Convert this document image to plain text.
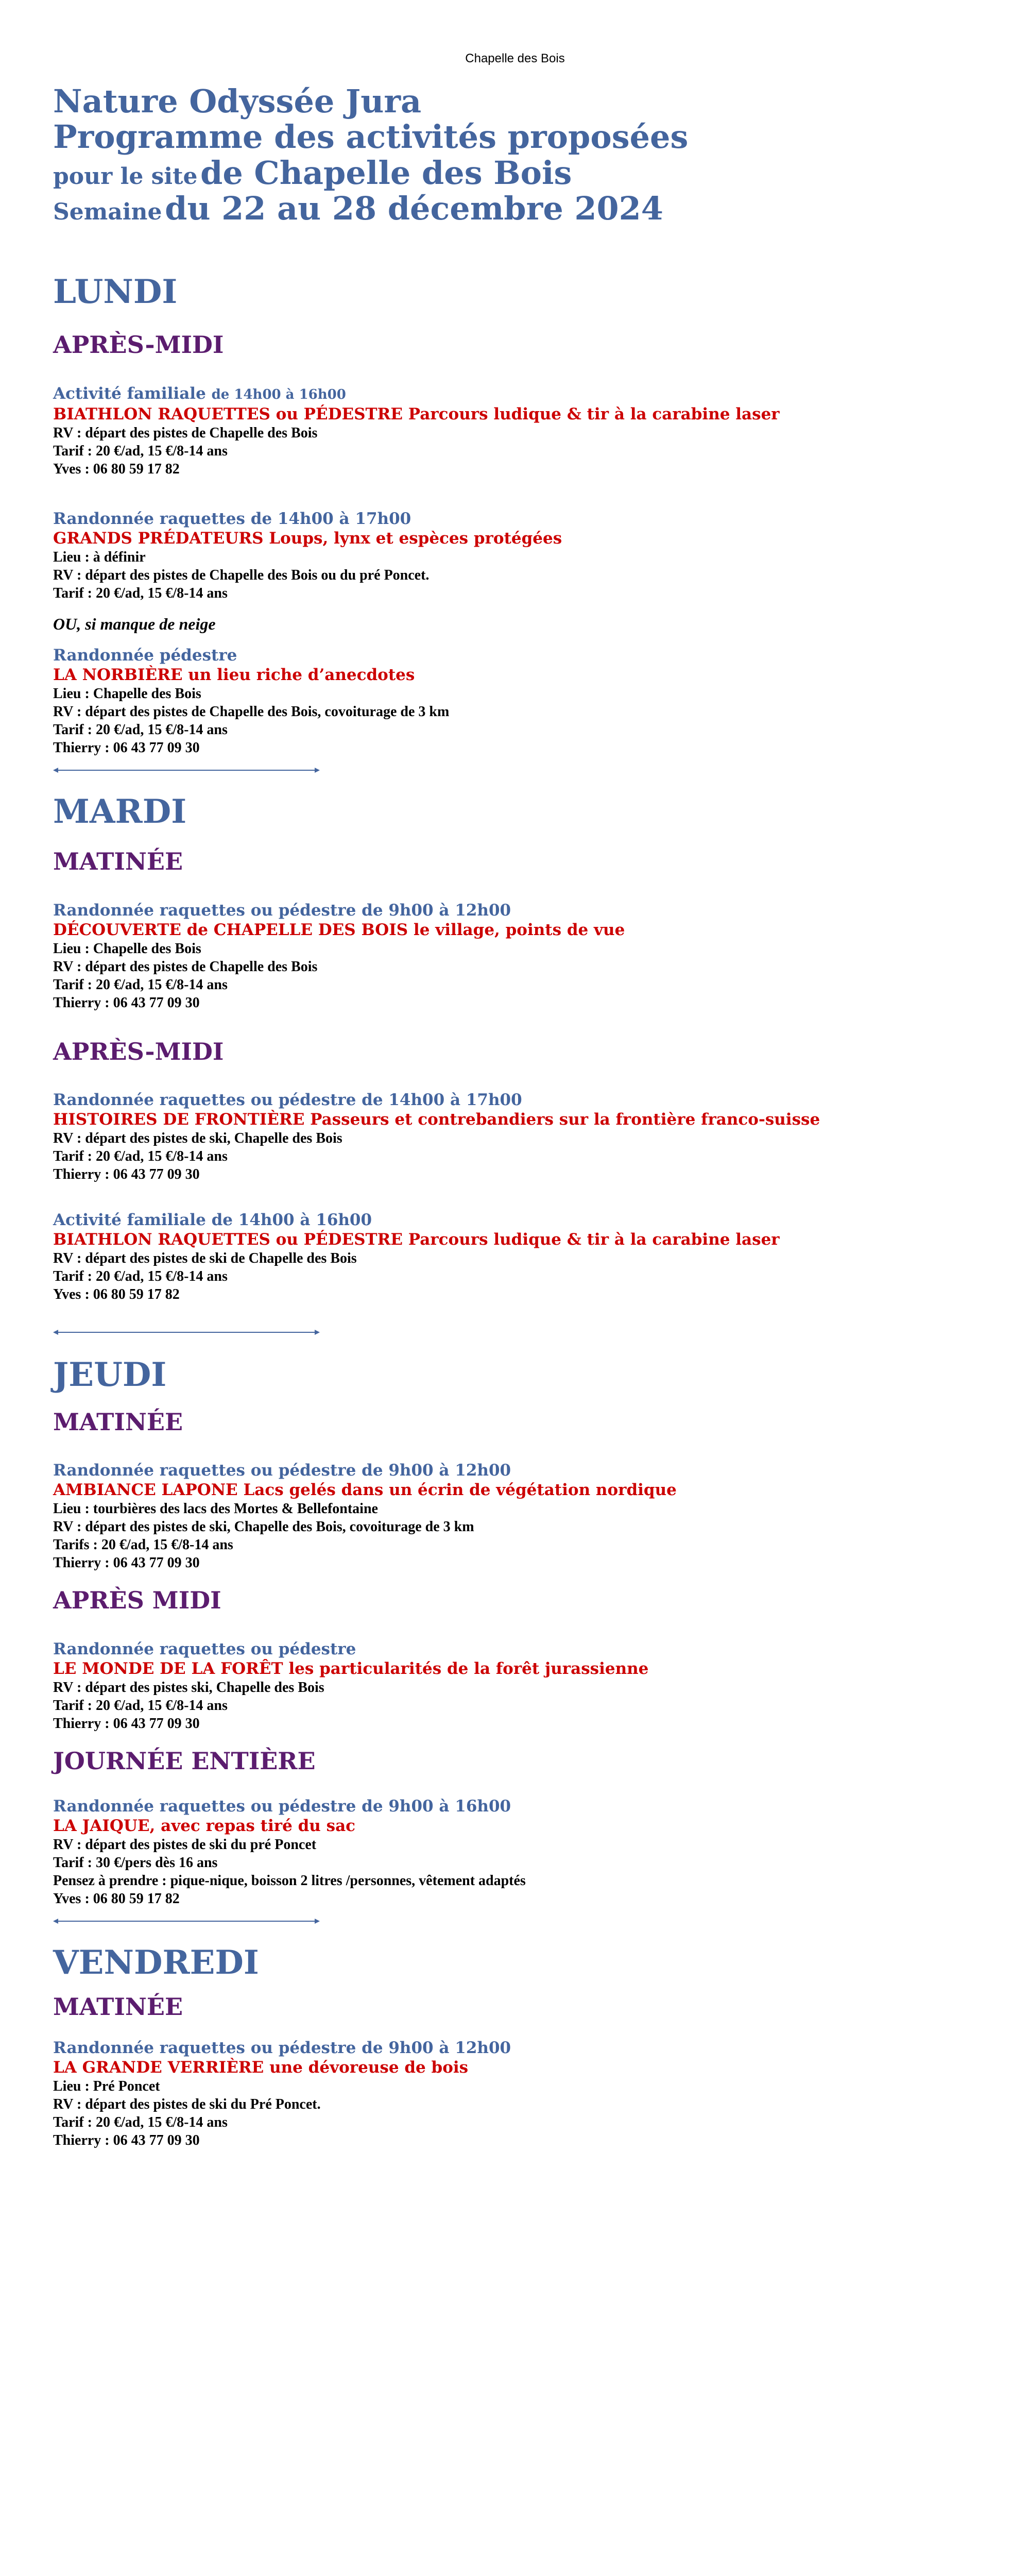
Chapelle des Bois
Nature Odyssée Jura
Programme des activités proposées
pour le site de Chapelle des Bois
Semaine du 22 au 28 décembre 2024
LUNDI
APRÈS-MIDI
Activité familiale de 14h00 à 16h00
BIATHLON RAQUETTES ou PÉDESTRE Parcours ludique & tir à la carabine laser
RV : départ des pistes de Chapelle des Bois
Tarif : 20 €/ad, 15 €/8-14 ans
Yves : 06 80 59 17 82
Randonnée raquettes de 14h00 à 17h00
GRANDS PRÉDATEURS Loups, lynx et espèces protégées
Lieu : à définir
RV : départ des pistes de Chapelle des Bois ou du pré Poncet.
Tarif : 20 €/ad, 15 €/8-14 ans
OU, si manque de neige
Randonnée pédestre
LA NORBIÈRE un lieu riche d’anecdotes
Lieu : Chapelle des Bois
RV : départ des pistes de Chapelle des Bois, covoiturage de 3 km
Tarif : 20 €/ad, 15 €/8-14 ans
Thierry : 06 43 77 09 30
MARDI
MATINÉE
Randonnée raquettes ou pédestre de 9h00 à 12h00
DÉCOUVERTE de CHAPELLE DES BOIS le village, points de vue
Lieu : Chapelle des Bois
RV : départ des pistes de Chapelle des Bois
Tarif : 20 €/ad, 15 €/8-14 ans
Thierry : 06 43 77 09 30
APRÈS-MIDI
Randonnée raquettes ou pédestre de 14h00 à 17h00
HISTOIRES DE FRONTIÈRE Passeurs et contrebandiers sur la frontière franco-suisse
RV : départ des pistes de ski, Chapelle des Bois
Tarif : 20 €/ad, 15 €/8-14 ans
Thierry : 06 43 77 09 30
Activité familiale de 14h00 à 16h00
BIATHLON RAQUETTES ou PÉDESTRE Parcours ludique & tir à la carabine laser
RV : départ des pistes de ski de Chapelle des Bois
Tarif : 20 €/ad, 15 €/8-14 ans
Yves : 06 80 59 17 82
JEUDI
MATINÉE
Randonnée raquettes ou pédestre de 9h00 à 12h00
AMBIANCE LAPONE Lacs gelés dans un écrin de végétation nordique
Lieu : tourbières des lacs des Mortes & Bellefontaine
RV : départ des pistes de ski, Chapelle des Bois, covoiturage de 3 km
Tarifs : 20 €/ad, 15 €/8-14 ans
Thierry : 06 43 77 09 30
APRÈS MIDI
Randonnée raquettes ou pédestre
LE MONDE DE LA FORÊT les particularités de la forêt jurassienne
RV : départ des pistes ski, Chapelle des Bois
Tarif : 20 €/ad, 15 €/8-14 ans
Thierry : 06 43 77 09 30
JOURNÉE ENTIÈRE
Randonnée raquettes ou pédestre de 9h00 à 16h00
LA JAIQUE, avec repas tiré du sac
RV : départ des pistes de ski du pré Poncet
Tarif : 30 €/pers dès 16 ans
Pensez à prendre : pique-nique, boisson 2 litres /personnes, vêtement adaptés
Yves : 06 80 59 17 82
VENDREDI
MATINÉE
Randonnée raquettes ou pédestre de 9h00 à 12h00
LA GRANDE VERRIÈRE une dévoreuse de bois
Lieu : Pré Poncet
RV : départ des pistes de ski du Pré Poncet.
Tarif : 20 €/ad, 15 €/8-14 ans
Thierry : 06 43 77 09 30
